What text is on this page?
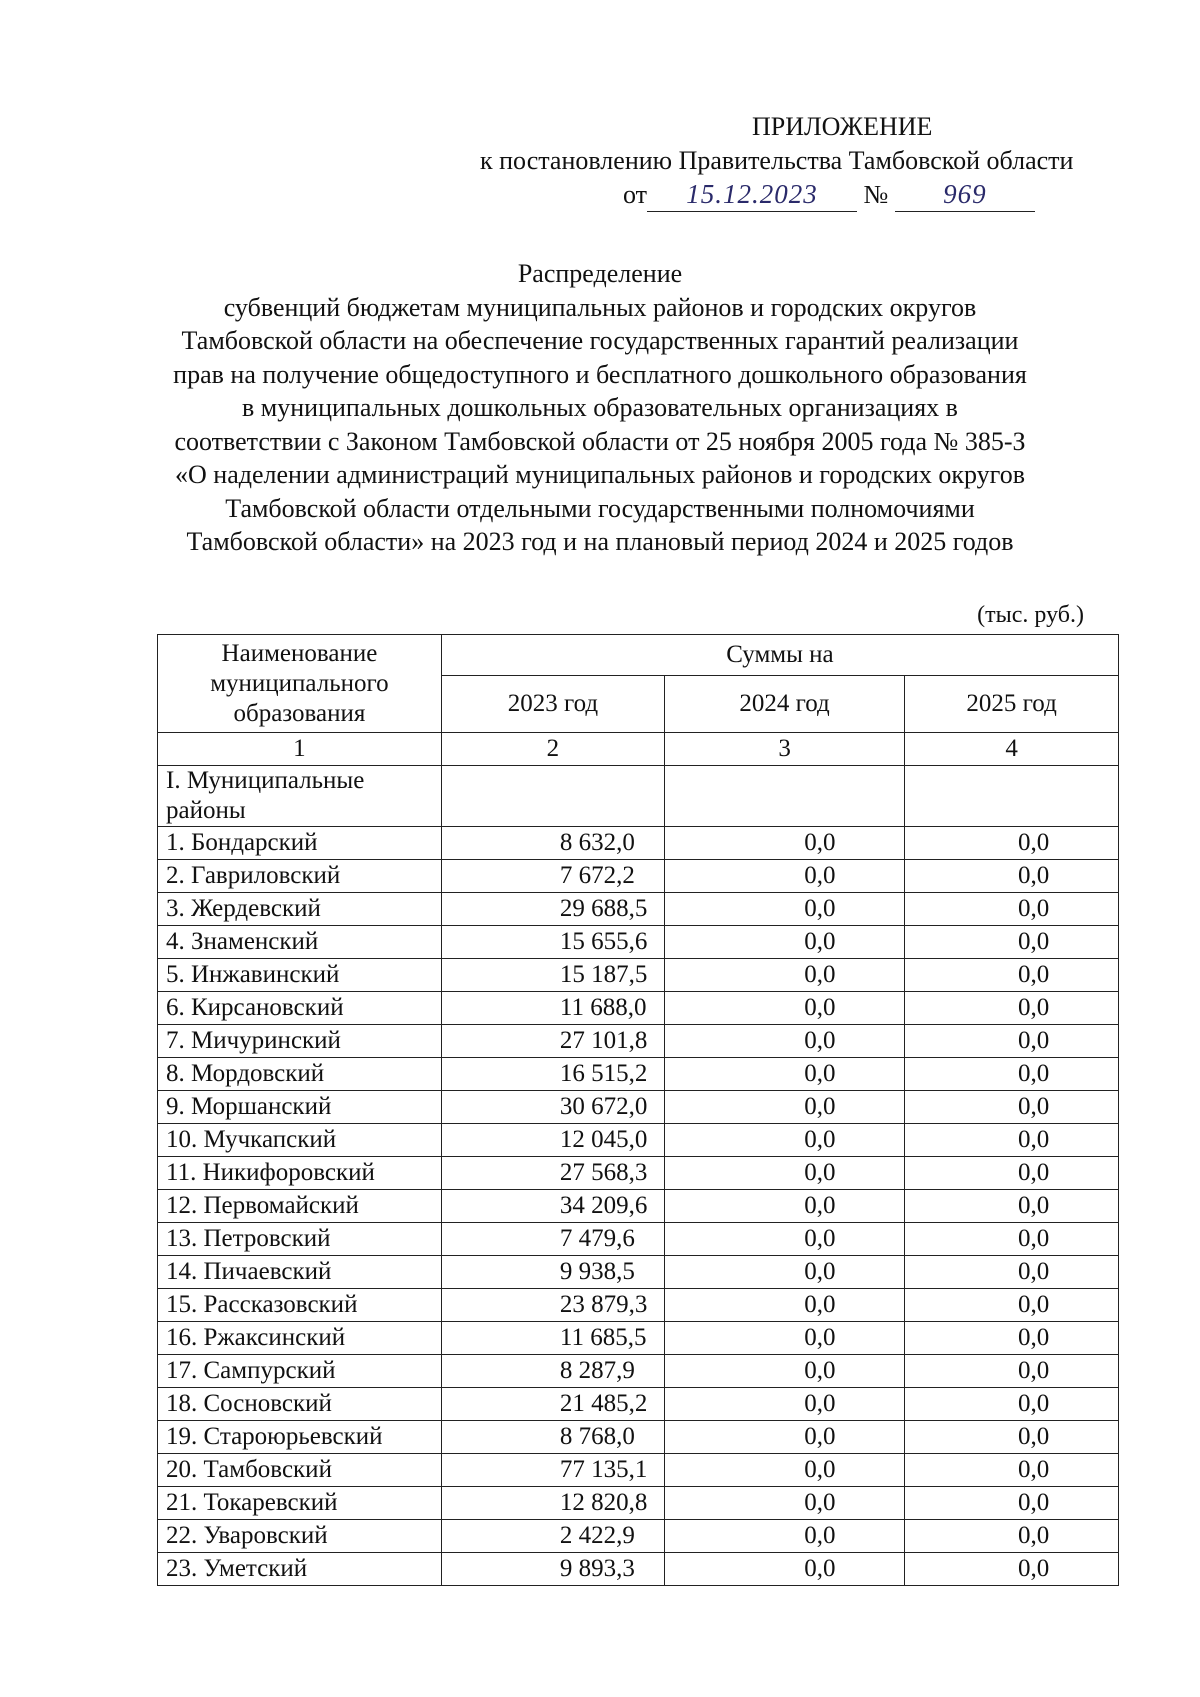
ПРИЛОЖЕНИЕ
к постановлению Правительства Тамбовской области
от 15.12.2023 № 969
Распределение
субвенций бюджетам муниципальных районов и городских округов
Тамбовской области на обеспечение государственных гарантий реализации
прав на получение общедоступного и бесплатного дошкольного образования
в муниципальных дошкольных образовательных организациях в
соответствии с Законом Тамбовской области от 25 ноября 2005 года № 385-З
«О наделении администраций муниципальных районов и городских округов
Тамбовской области отдельными государственными полномочиями
Тамбовской области» на 2023 год и на плановый период 2024 и 2025 годов
(тыс. руб.)
Наименование муниципального образования	Суммы на		
	2023 год	2024 год	2025 год
1	2	3	4
I. Муниципальные районы			
1. Бондарский	8 632,0	0,0	0,0
2. Гавриловский	7 672,2	0,0	0,0
3. Жердевский	29 688,5	0,0	0,0
4. Знаменский	15 655,6	0,0	0,0
5. Инжавинский	15 187,5	0,0	0,0
6. Кирсановский	11 688,0	0,0	0,0
7. Мичуринский	27 101,8	0,0	0,0
8. Мордовский	16 515,2	0,0	0,0
9. Моршанский	30 672,0	0,0	0,0
10. Мучкапский	12 045,0	0,0	0,0
11. Никифоровский	27 568,3	0,0	0,0
12. Первомайский	34 209,6	0,0	0,0
13. Петровский	7 479,6	0,0	0,0
14. Пичаевский	9 938,5	0,0	0,0
15. Рассказовский	23 879,3	0,0	0,0
16. Ржаксинский	11 685,5	0,0	0,0
17. Сампурский	8 287,9	0,0	0,0
18. Сосновский	21 485,2	0,0	0,0
19. Староюрьевский	8 768,0	0,0	0,0
20. Тамбовский	77 135,1	0,0	0,0
21. Токаревский	12 820,8	0,0	0,0
22. Уваровский	2 422,9	0,0	0,0
23. Уметский	9 893,3	0,0	0,0
